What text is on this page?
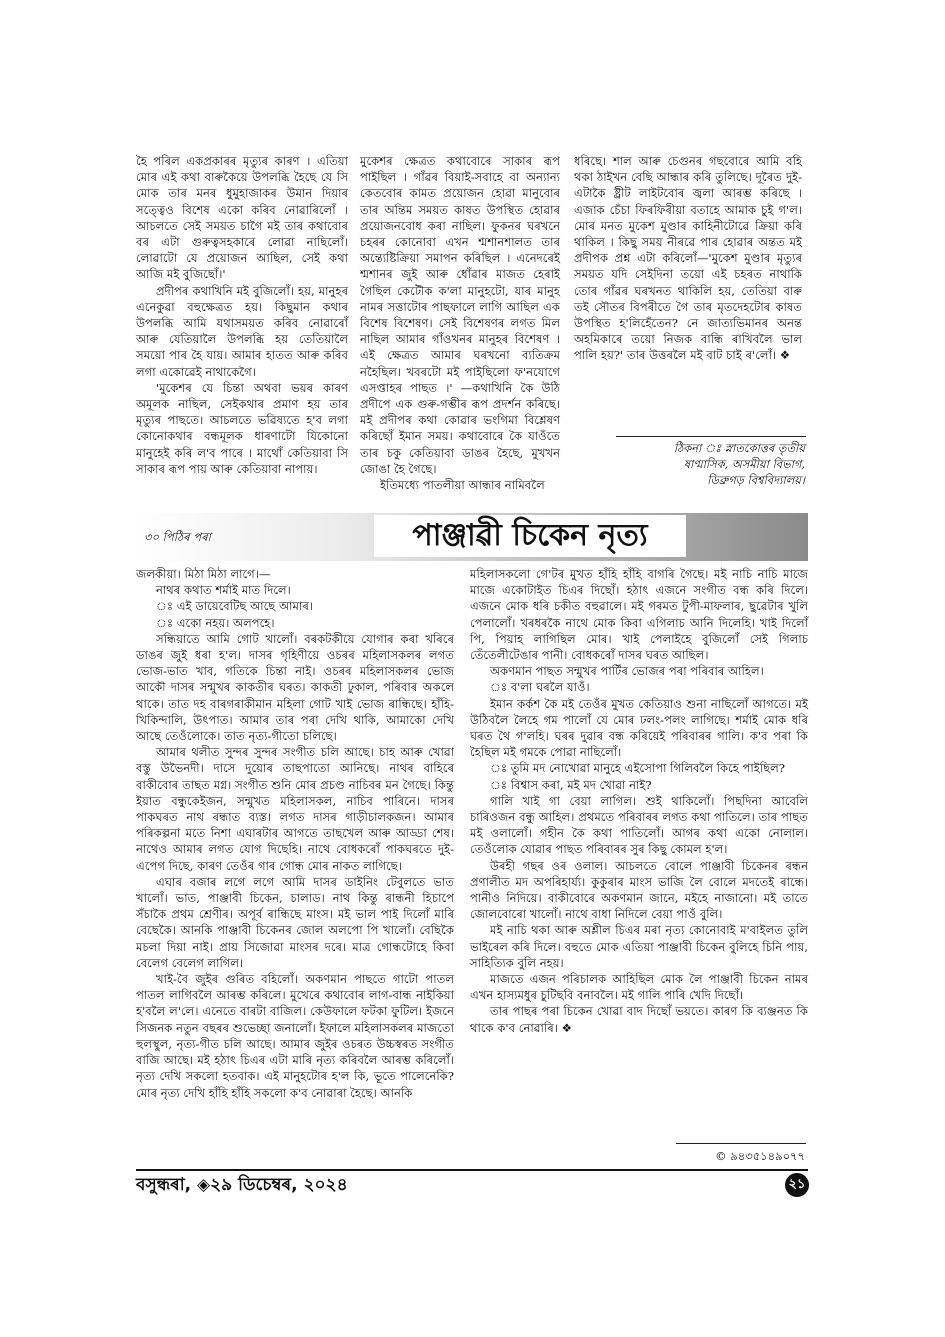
হৈ পৰিল একপ্ৰকাৰৰ মৃত্যুৰ কাৰণ । এতিয়া মোৰ এই কথা বাৰুকৈয়ে উপলব্ধি হৈছে যে সি মোক তাৰ মনৰ ধুমুহাজাকৰ উমান দিয়াৰ সত্ত্বেও বিশেষ একো কৰিব নোৱাৰিলোঁ । আচলতে সেই সময়ত চাগৈ মই তাৰ কথাবোৰ বৰ এটা গুৰুত্বসহকাৰে লোৱা নাছিলোঁ। লোৱাটো যে প্ৰয়োজন আছিল, সেই কথা আজি মই বুজিছোঁ।'

প্ৰদীপৰ কথাখিনি মই বুজিলোঁ। হয়, মানুহৰ এনেকুৱা বহুক্ষেত্ৰত হয়। কিছুমান কথাৰ উপলব্ধি আমি যথাসময়ত কৰিব নোৱাৰোঁ আৰু যেতিয়ালৈ উপলব্ধি হয় তেতিয়ালৈ সময়ো পাৰ হৈ যায়। আমাৰ হাতত আৰু কৰিব লগা একোৱেই নাথাকেগৈ।

'মুকেশৰ যে চিন্তা অথবা ভয়ৰ কাৰণ অমূলক নাছিল, সেইকথাৰ প্ৰমাণ হয় তাৰ মৃত্যুৰ পাছতে। আচলতে ভৱিষ্যতে হ'ব লগা কোনোকথাৰ বন্ধমূলক ধাৰণাটো যিকোনো মানুহেই কৰি ল'ব পাৰে । মাথোঁ কেতিয়াবা সি সাকাৰ ৰূপ পায় আৰু কেতিয়াবা নাপায়।

মুকেশৰ ক্ষেত্ৰত কথাবোৰে সাকাৰ ৰূপ পাইছিল । গাঁৱৰ বিয়াই-সবাহে বা অন্যান্য কেতবোৰ কামত প্ৰয়োজন হোৱা মানুবোৰ তাৰ অন্তিম সময়ত কাষত উপস্থিত হোৱাৰ প্ৰয়োজনবোধ কৰা নাছিল। ফুকনৰ ঘৰখনে চহৰৰ কোনোবা এখন শ্মশানশালত তাৰ অন্ত্যেষ্টিক্ৰিয়া সমাপন কৰিছিল । এনেদৰেই শ্মশানৰ জুই আৰু ধোঁৱাৰ মাজত হেৰাই গৈছিল কেটৌক ক'লা মানুহটো, যাৰ মানুহ নামৰ সত্তাটোৰ পাছফালে লাগি আছিল এক বিশেষ বিশেষণ। সেই বিশেষণৰ লগত মিল নাছিল আমাৰ গাঁওখনৰ মানুহৰ বিশেষণ । এই ক্ষেত্ৰত আমাৰ ঘৰখনো ব্যতিক্ৰম নহৈছিল। খবৰটো মই পাইছিলো ফ'নযোগে এসপ্তাহৰ পাছত ।' —কথাখিনি কৈ উঠি প্ৰদীপে এক গুৰু-গম্ভীৰ ৰূপ প্ৰদৰ্শন কৰিছে। মই প্ৰদীপৰ কথা কোৱাৰ ভংগিমা বিশ্লেষণ কৰিছোঁ ইমান সময়। কথাবোৰে কৈ যাওঁতে তাৰ চকু কেতিয়াবা ডাঙৰ হৈছে, মুখখন জোঙা হৈ গৈছে।

ইতিমধ্যে পাতলীয়া আন্ধাৰ নামিবলৈ

ধৰিছে। শাল আৰু চেগুনৰ গছবোৰে আমি বহি থকা ঠাইখন বেছি আন্ধাৰ কৰি তুলিছে। দূৰৈত দুই-এটাকৈ ষ্ট্ৰীট লাইটবোৰ জ্বলা আৰম্ভ কৰিছে । এজাক চেঁচা ফিৰফিৰীয়া বতাহে আমাক চুই গ'ল। মোৰ মনত মুকেশ মুণ্ডাৰ কাহিনীটোৱে ক্ৰিয়া কৰি থাকিল । কিছু সময় নীৰৱে পাৰ হোৱাৰ অন্তত মই প্ৰদীপক প্ৰশ্ন এটা কৰিলোঁ—'মুকেশ মুণ্ডাৰ মৃত্যুৰ সময়ত যদি সেইদিনা তয়ো এই চহৰত নাথাকি তোৰ গাঁৱৰ ঘৰখনত থাকিলি হয়, তেতিয়া বাৰু তই সৌতৰ বিপৰীতে গৈ তাৰ মৃতদেহটোৰ কাষত উপস্থিত হ'লিহেঁতেন? নে জাত্যভিমানৰ অনন্ত অহমিকাৰে তয়ো নিজক বান্ধি ৰাখিবলৈ ভাল পালি হয়?' তাৰ উত্তৰলৈ মই বাট চাই ৰ'লোঁ। ❖

ঠিকনা ঃ স্নাতকোত্তৰ তৃতীয়
ষাণ্মাসিক, অসমীয়া বিভাগ,
ডিব্ৰুগড় বিশ্ববিদ্যালয়।
৩০ পিঠিৰ পৰা	পাঞ্জাৱী চিকেন নৃত্য

জলকীয়া। মিঠা মিঠা লাগে।—

নাথৰ কথাত শৰ্মাই মাত দিলে।

ঃ এই ডায়েবেটিছ আছে আমাৰ।

ঃ একো নহয়। অলপহে।

সন্ধিয়াতে আমি গোট খালোঁ। বৰকটকীয়ে যোগাৰ কৰা খৰিৰে ডাঙৰ জুই ধৰা হ'ল। দাসৰ গৃহিণীয়ে ওচৰৰ মহিলাসকলৰ লগত ভোজ-ভাত খাব, গতিকে চিন্তা নাই। ওচৰৰ মহিলাসকলৰ ভোজ আকৌ দাসৰ সন্মুখৰ কাকতীৰ ঘৰত। কাকতী ঢুকাল, পৰিবাৰ অকলে থাকে। তাত দহ বাৰগৰাকীমান মহিলা গোট খাই ভোজ ৰান্ধিছে। হাঁহি-খিকিন্দালি, উৎপাত। আমাৰ তাৰ পৰা দেখি থাকি, আমাকো দেখি আছে তেওঁলোকে। তাত নৃত্য-গীতো চলিছে।

আমাৰ থলীত সুন্দৰ সুন্দৰ সংগীত চলি আছে। চাহ আৰু খোৱা বস্তু উভৈনদী। দাসে দুয়োৰ তাছপাতো আনিছে। নাথৰ বাহিৰে বাকীবোৰ তাছত মগ্ন। সংগীত শুনি মোৰ প্ৰচণ্ড নাচিবৰ মন গৈছে। কিন্তু ইয়াত বন্ধুকেইজন, সন্মুখত মহিলাসকল, নাচিব পাৰিনে। দাসৰ পাকঘৰত নাথ ৰন্ধাত ব্যস্ত। লগত দাসৰ গাড়ীচালকজন। আমাৰ পৰিকল্পনা মতে নিশা এঘাৰটাৰ আগতে তাছখেল আৰু আড্ডা শেষ। নাথেও আমাৰ লগত যোগ দিছেহি। নাথে বোধকৰোঁ পাকঘৰতে দুই- এপেগ দিছে, কাৰণ তেওঁৰ গাৰ গোন্ধ মোৰ নাকত লাগিছে।

এঘাৰ বজাৰ লগে লগে আমি দাসৰ ডাইনিং টেবুলতে ভাত খালোঁ। ভাত, পাঞ্জাবী চিকেন, চালাড। নাথ কিন্তু ৰান্ধনী হিচাপে সঁচাকৈ প্ৰথম শ্ৰেণীৰ। অপূৰ্ব ৰান্ধিছে মাংস। মই ভাল পাই দিলোঁ মাৰি বেছেকৈ। আনকি পাঞ্জাবী চিকেনৰ জোল অলপো পি খালোঁ। বেছিকৈ মচলা দিয়া নাই। প্ৰায় সিজোৱা মাংসৰ দৰে। মাত্ৰ গোন্ধটোহে কিবা বেলেগ বেলেগ লাগিল।

খাই-বৈ জুইৰ গুৰিত বহিলোঁ। অকণমান পাছতে গাটো পাতল পাতল লাগিবলৈ আৰম্ভ কৰিলে। মুখেৰে কথাবোৰ লাগ-বান্ধ নাইকিয়া হ'বলৈ ল'লে। এনেতে বাৰটা বাজিল। কেউফালে ফটকা ফুটিল। ইজনে সিজনক নতুন বছৰৰ শুভেচ্ছা জনালোঁ। ইফালে মহিলাসকলৰ মাজতো হুলস্থুল, নৃত্য-গীত চলি আছে। আমাৰ জুইৰ ওচৰত উচ্চস্বৰত সংগীত বাজি আছে। মই হঠাৎ চিএৰ এটা মাৰি নৃত্য কৰিবলৈ আৰম্ভ কৰিলোঁ। নৃত্য দেখি সকলো হতবাক। এই মানুহটোৰ হ'ল কি, ভূতে পালেনেকি? মোৰ নৃত্য দেখি হাঁহি হাঁহি সকলো ক'ব নোৱাৰা হৈছে। আনকি

মহিলাসকলো গে'টৰ মুখত হাঁহি হাঁহি বাগৰি গৈছে। মই নাচি নাচি মাজে মাজে একোটাইত চিএৰ দিছোঁ। হঠাৎ এজনে সংগীত বন্ধ কৰি দিলে। এজনে মোক ধৰি চকীত বহুৱালে। মই গৰমত টুপী-মাফলাৰ, ছুৱেটাৰ খুলি পেলালোঁ। খৰধৰকৈ নাথে মোক কিবা এগিলাচ আনি দিলেহি। খাই দিলোঁ পি, পিয়াহ লাগিছিল মোৰ। খাই পেলাইহে বুজিলোঁ সেই গিলাচ তেঁতেলীটেঙাৰ পানী। বোধকৰোঁ দাসৰ ঘৰত আছিল।

অকণমান পাছত সন্মুখৰ পাৰ্টিৰ ভোজৰ পৰা পৰিবাৰ আহিল।

ঃ ব'লা ঘৰলৈ যাওঁ।

ইমান কৰ্কশ কৈ মই তেওঁৰ মুখত কেতিয়াও শুনা নাছিলোঁ আগতে। মই উঠিবলৈ লৈহে গম পালোঁ যে মোৰ ঢলং-পলং লাগিছে। শৰ্মাই মোক ধৰি ঘৰত থৈ গ'লহি। ঘৰৰ দুৱাৰ বন্ধ কৰিয়েই পৰিবাৰৰ গালি। ক'ব পৰা কি হৈছিল মই গমকে পোৱা নাছিলোঁ।

ঃ তুমি মদ নোখোৱা মানুহে এইসোপা গিলিবলৈ কিহে পাইছিল?

ঃ বিশ্বাস কৰা, মই মদ খোৱা নাই?

গালি খাই গা বেয়া লাগিল। শুই থাকিলোঁ। পিছদিনা আবেলি চাৰিওজন বন্ধু আহিল। প্ৰথমতে পৰিবাৰৰ লগত কথা পাতিলে। তাৰ পাছত মই ওলালোঁ। গহীন কৈ কথা পাতিলোঁ। আগৰ কথা একো নোলাল। তেওঁলোক যোৱাৰ পাছত পৰিবাৰৰ সুৰ কিছু কোমল হ'ল।

উৰহী গছৰ ওৰ ওলাল। আচলতে বোলে পাঞ্জাবী চিকেনৰ ৰন্ধন প্ৰণালীত মদ অপৰিহাৰ্য্য। কুকুৰাৰ মাংস ভাজি লৈ বোলে মদতেই ৰান্ধে। পানীও নিদিয়ে। বাকীবোৰে অকণমান জানে, মইহে নাজানো। মই তাতে জোলবোৰো খালোঁ। নাথে বাধা নিদিলে বেয়া পাওঁ বুলি।

মই নাচি থকা আৰু অশ্লীল চিএৰ মৰা নৃত্য কোনোবাই ম'বাইলত তুলি ভাইৰেল কৰি দিলে। বহুতে মোক এতিয়া পাঞ্জাবী চিকেন বুলিহে চিনি পায়, সাহিত্যিক বুলি নহয়।

মাজতে এজন পৰিচালক আহিছিল মোক লৈ পাঞ্জাবী চিকেন নামৰ এখন হাস্যমধুৰ চুটিছবি বনাবলৈ। মই গালি পাৰি খেদি দিছোঁ।

তাৰ পাছৰ পৰা চিকেন খোৱা বাদ দিছোঁ ভয়তে। কাৰণ কি ব্যঞ্জনত কি থাকে ক'ব নোৱাৰি। ❖

© ৯৪৩৫১৪৯০৭৭
বসুন্ধৰা, ◈২৯ ডিচেম্বৰ, ২০২৪	২১
